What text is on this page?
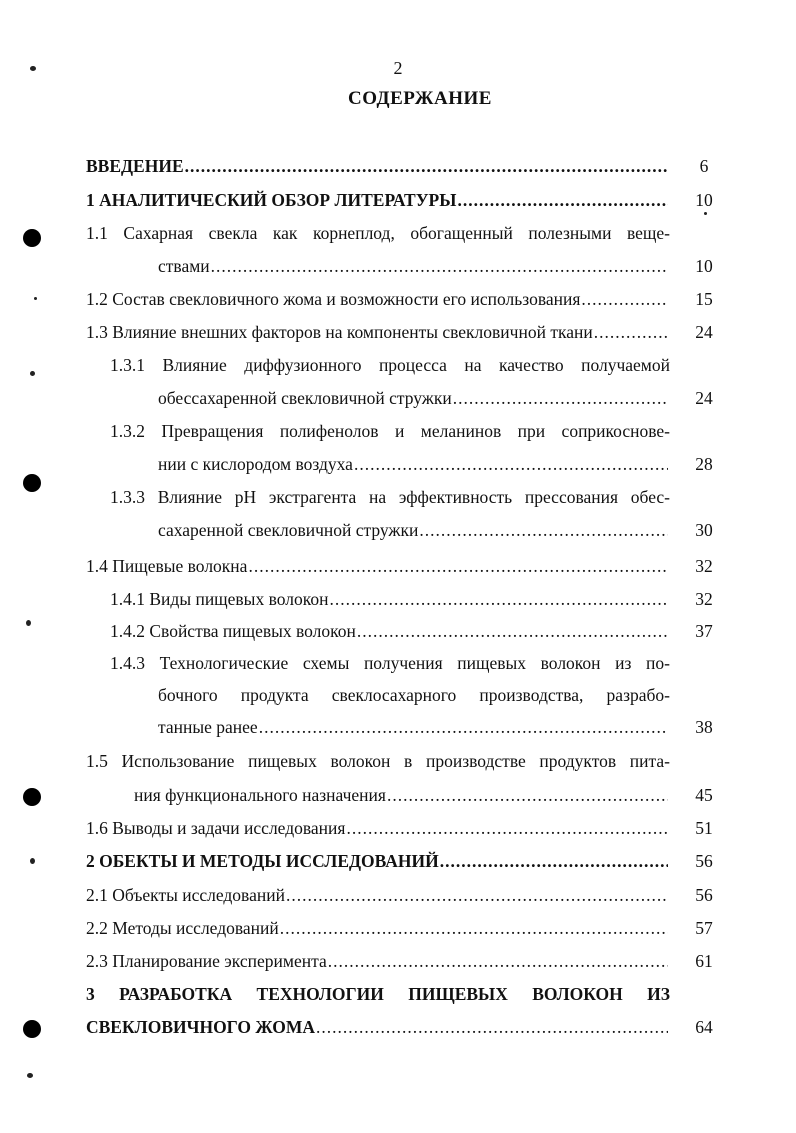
2
СОДЕРЖАНИЕ
ВВЕДЕНИЕ .....	6
1 АНАЛИТИЧЕСКИЙ ОБЗОР ЛИТЕРАТУРЫ .....	10
1.1 Сахарная свекла как корнеплод, обогащенный полезными веще-
ствами .....	10
1.2 Состав свекловичного жома и возможности его использования .....	15
1.3 Влияние внешних факторов на компоненты свекловичной ткани .....	24
1.3.1 Влияние диффузионного процесса на качество получаемой
обессахаренной свекловичной стружки .....	24
1.3.2 Превращения полифенолов и меланинов при соприкоснове-
нии с кислородом воздуха .....	28
1.3.3 Влияние pH экстрагента на эффективность прессования обес-
сахаренной свекловичной стружки .....	30
1.4 Пищевые волокна .....	32
1.4.1 Виды пищевых волокон .....	32
1.4.2 Свойства пищевых волокон .....	37
1.4.3 Технологические схемы получения пищевых волокон из по-
бочного продукта свеклосахарного производства, разрабо-
танные ранее .....	38
1.5 Использование пищевых волокон в производстве продуктов пита-
ния функционального назначения .....	45
1.6 Выводы и задачи исследования .....	51
2 ОБЕКТЫ И МЕТОДЫ ИССЛЕДОВАНИЙ .....	56
2.1 Объекты исследований .....	56
2.2 Методы исследований .....	57
2.3 Планирование эксперимента .....	61
3 РАЗРАБОТКА ТЕХНОЛОГИИ ПИЩЕВЫХ ВОЛОКОН ИЗ
СВЕКЛОВИЧНОГО ЖОМА .....	64
